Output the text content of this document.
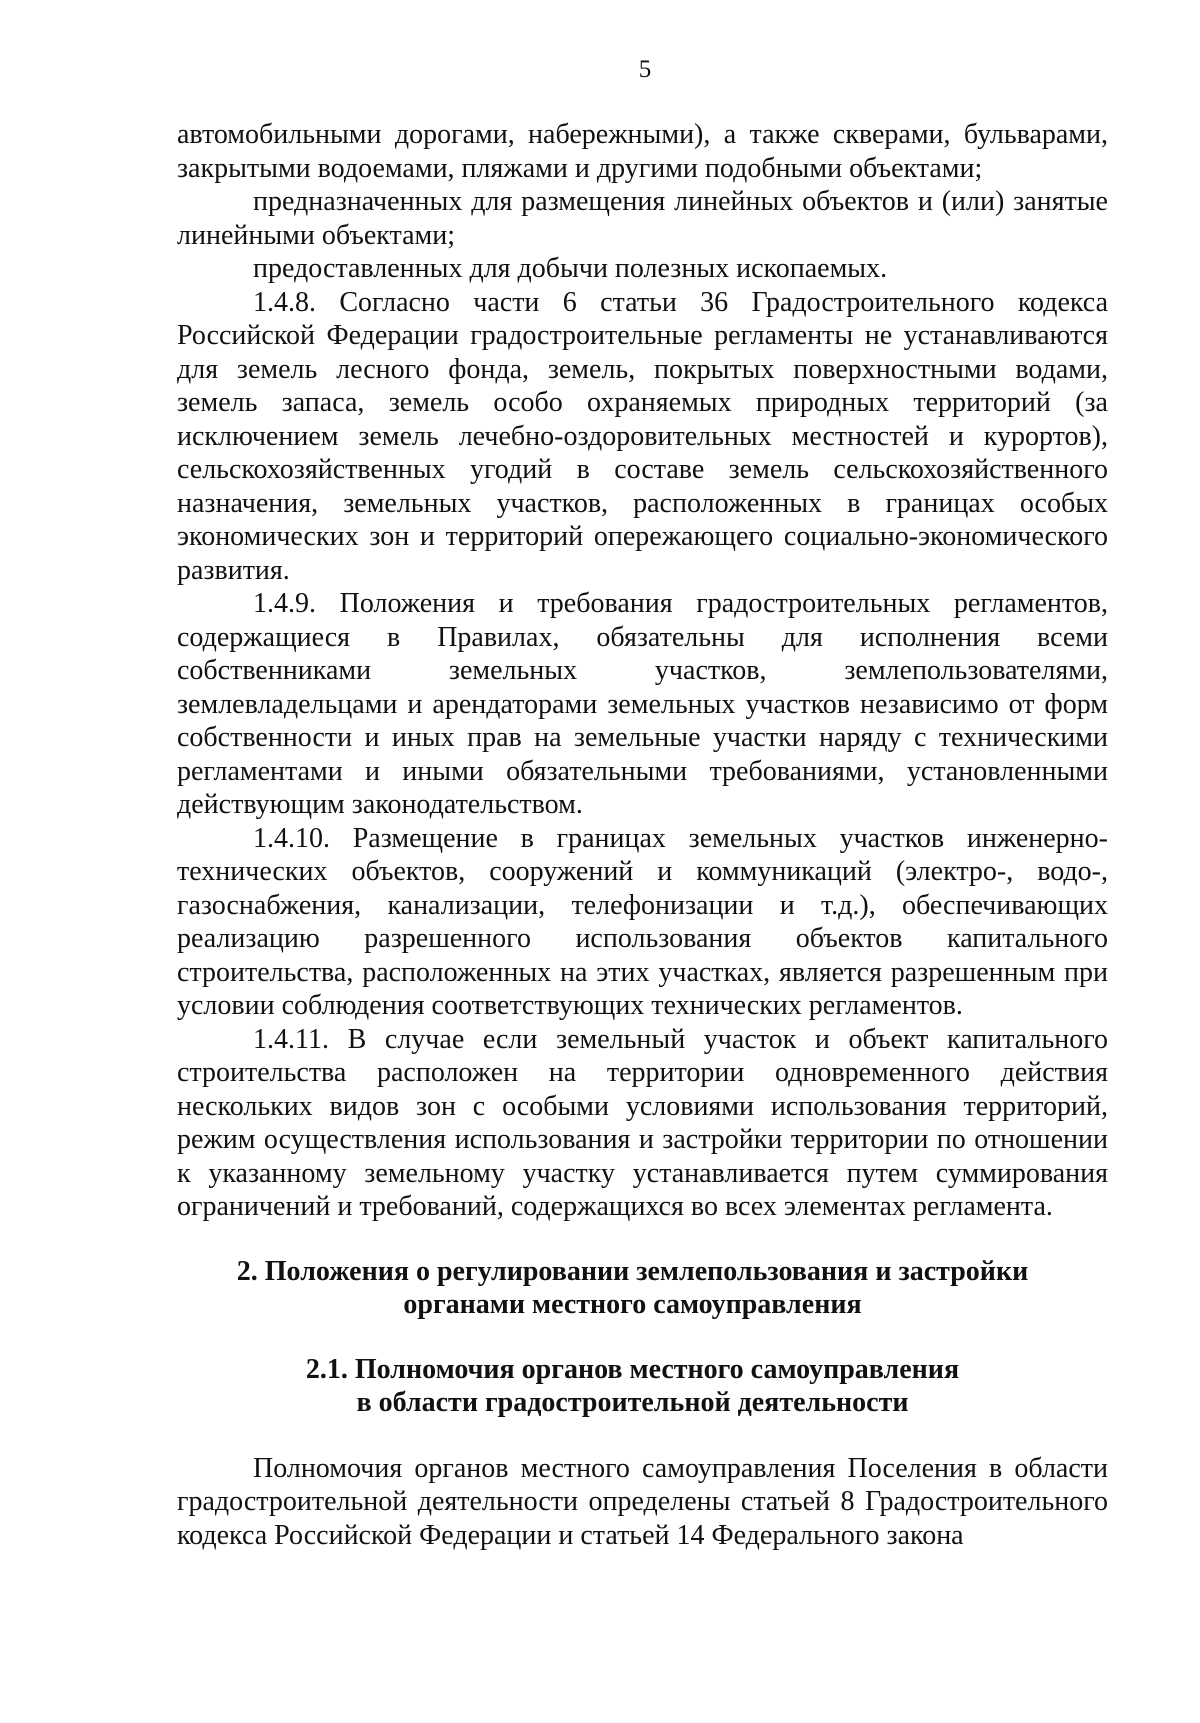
5

автомобильными дорогами, набережными), а также скверами, бульварами, закрытыми водоемами, пляжами и другими подобными объектами;

предназначенных для размещения линейных объектов и (или) занятые линейными объектами;

предоставленных для добычи полезных ископаемых.

1.4.8. Согласно части 6 статьи 36 Градостроительного кодекса Российской Федерации градостроительные регламенты не устанавливаются для земель лесного фонда, земель, покрытых поверхностными водами, земель запаса, земель особо охраняемых природных территорий (за исключением земель лечебно-оздоровительных местностей и курортов), сельскохозяйственных угодий в составе земель сельскохозяйственного назначения, земельных участков, расположенных в границах особых экономических зон и территорий опережающего социально-экономического развития.

1.4.9. Положения и требования градостроительных регламентов, содержащиеся в Правилах, обязательны для исполнения всеми собственниками земельных участков, землепользователями, землевладельцами и арендаторами земельных участков независимо от форм собственности и иных прав на земельные участки наряду с техническими регламентами и иными обязательными требованиями, установленными действующим законодательством.

1.4.10. Размещение в границах земельных участков инженерно-технических объектов, сооружений и коммуникаций (электро-, водо-, газоснабжения, канализации, телефонизации и т.д.), обеспечивающих реализацию разрешенного использования объектов капитального строительства, расположенных на этих участках, является разрешенным при условии соблюдения соответствующих технических регламентов.

1.4.11. В случае если земельный участок и объект капитального строительства расположен на территории одновременного действия нескольких видов зон с особыми условиями использования территорий, режим осуществления использования и застройки территории по отношении к указанному земельному участку устанавливается путем суммирования ограничений и требований, содержащихся во всех элементах регламента.

2. Положения о регулировании землепользования и застройки
органами местного самоуправления

2.1. Полномочия органов местного самоуправления
в области градостроительной деятельности

Полномочия органов местного самоуправления Поселения в области градостроительной деятельности определены статьей 8 Градостроительного кодекса Российской Федерации и статьей 14 Федерального закона
